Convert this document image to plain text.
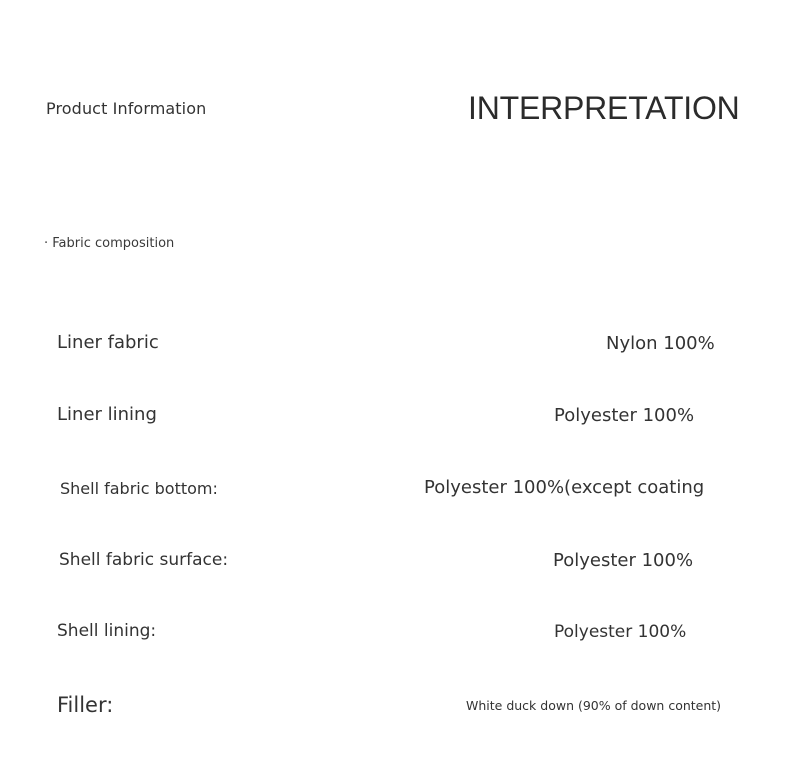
Product Information	INTERPRETATION
· Fabric composition
Liner fabric	Nylon 100%
Liner lining	Polyester 100%
Shell fabric bottom:	Polyester 100%(except coating
Shell fabric surface:	Polyester 100%
Shell lining:	Polyester 100%
Filler:	White duck down (90% of down content)
